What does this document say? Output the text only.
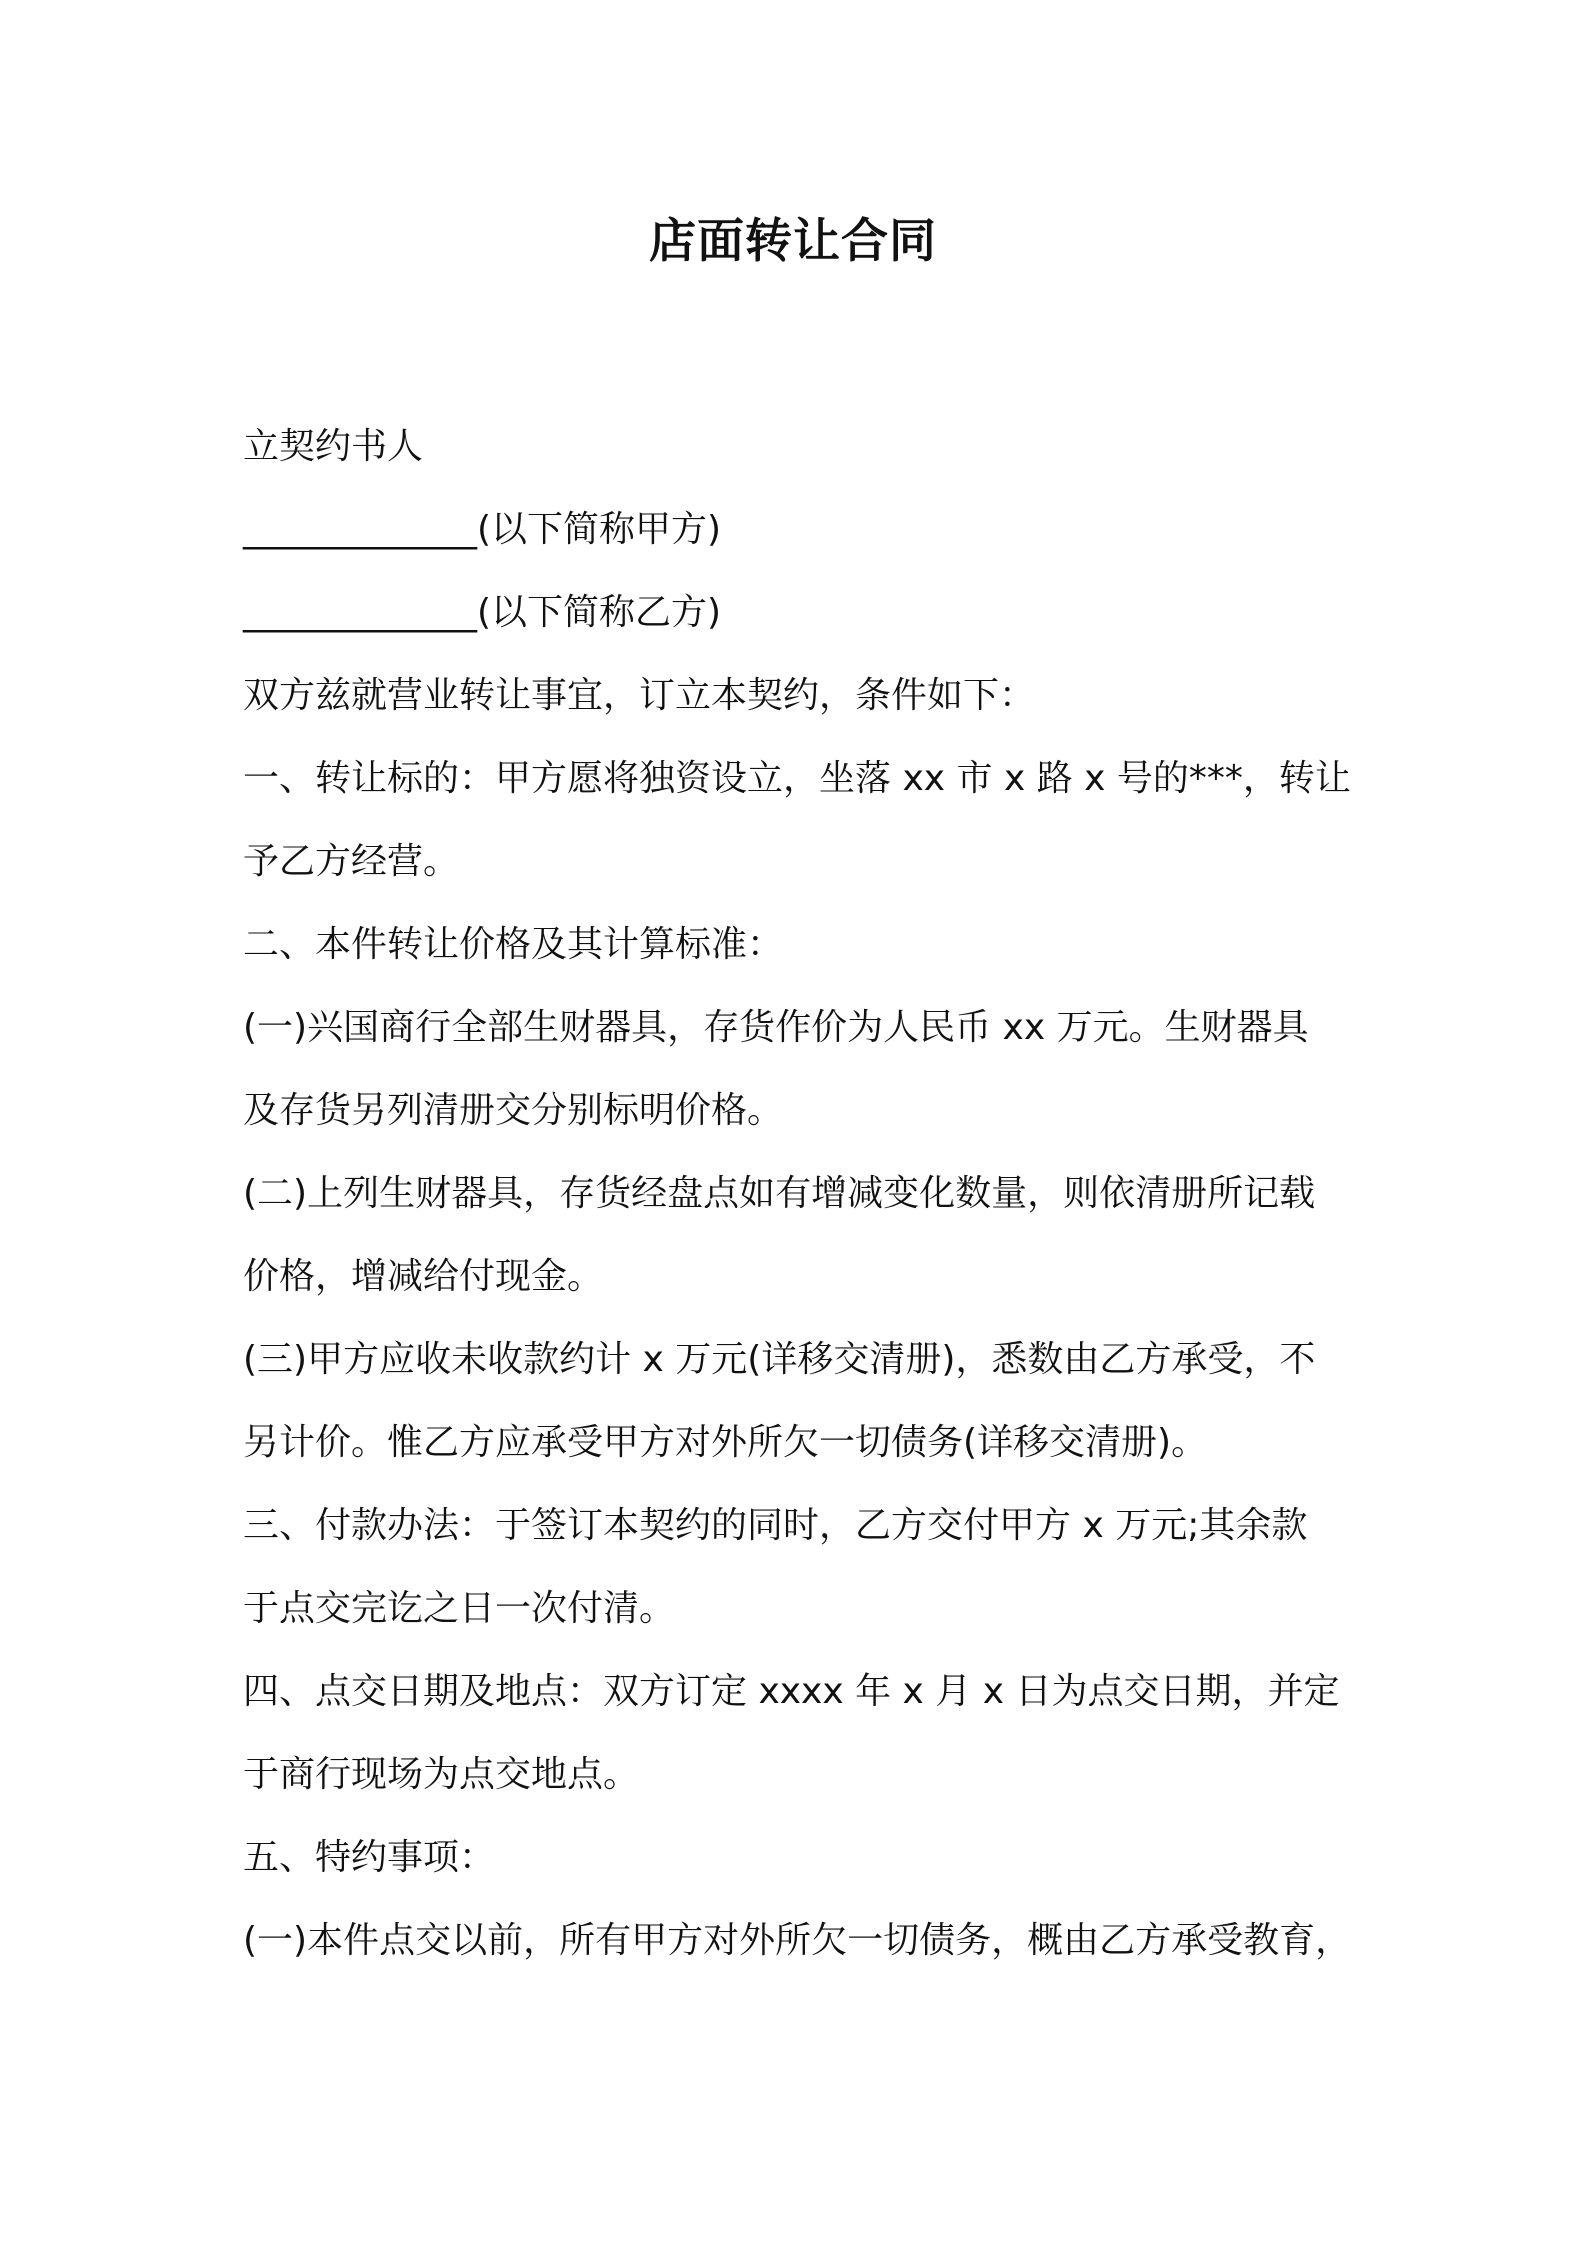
店面转让合同
立契约书人
_____________(以下简称甲方)
_____________(以下简称乙方)
双方兹就营业转让事宜，订立本契约，条件如下：
一、转让标的：甲方愿将独资设立，坐落 xx 市 x 路 x 号的***，转让
予乙方经营。
二、本件转让价格及其计算标准：
(一)兴国商行全部生财器具，存货作价为人民币 xx 万元。生财器具
及存货另列清册交分别标明价格。
(二)上列生财器具，存货经盘点如有增减变化数量，则依清册所记载
价格，增减给付现金。
(三)甲方应收未收款约计 x 万元(详移交清册)，悉数由乙方承受，不
另计价。惟乙方应承受甲方对外所欠一切债务(详移交清册)。
三、付款办法：于签订本契约的同时，乙方交付甲方 x 万元;其余款
于点交完讫之日一次付清。
四、点交日期及地点：双方订定 xxxx 年 x 月 x 日为点交日期，并定
于商行现场为点交地点。
五、特约事项：
(一)本件点交以前，所有甲方对外所欠一切债务，概由乙方承受教育，
